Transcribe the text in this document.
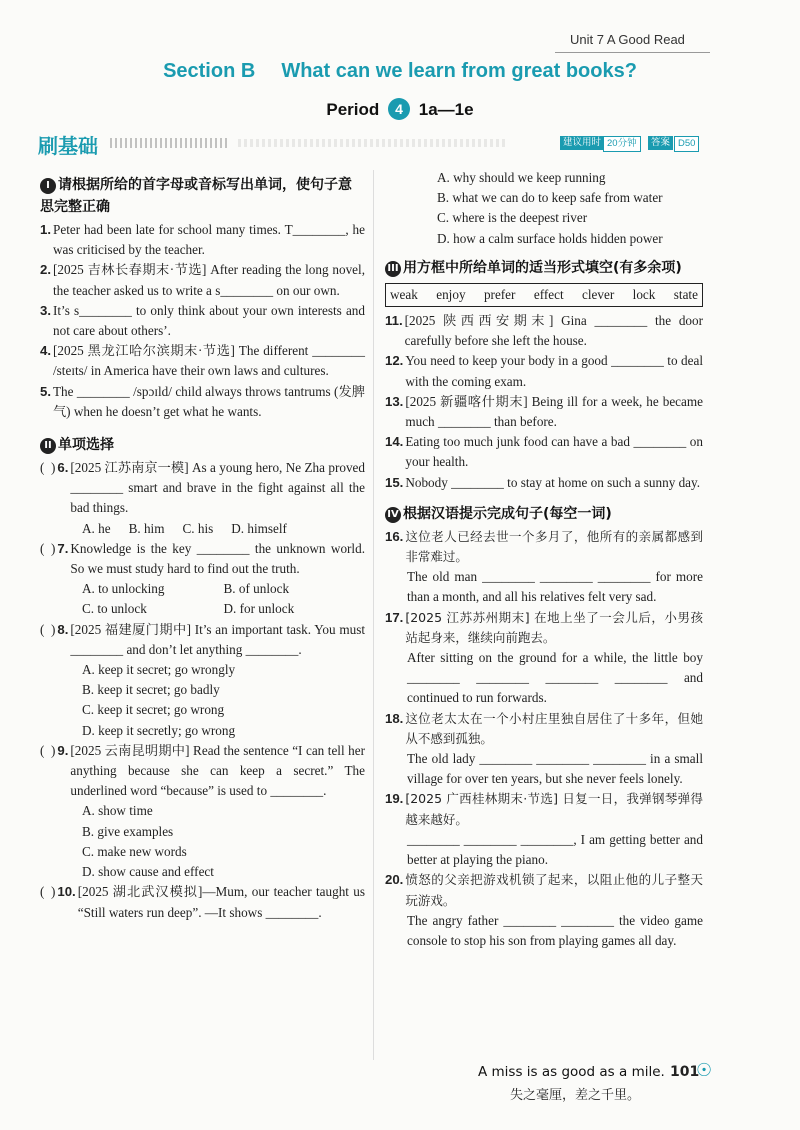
Unit 7 A Good Read
Section B What can we learn from great books?
Period 4 1a—1e
刷基础	建议用时 20分钟	答案 D50
I 请根据所给的首字母或音标写出单词，使句子意思完整正确
1. Peter had been late for school many times. T________, he was criticised by the teacher.
2. [2025 吉林长春期末·节选] After reading the long novel, the teacher asked us to write a s________ on our own.
3. It’s s________ to only think about your own interests and not care about others’.
4. [2025 黑龙江哈尔滨期末·节选] The different ________ /steɪts/ in America have their own laws and cultures.
5. The ________ /spɔɪld/ child always throws tantrums (发脾气) when he doesn’t get what he wants.
II 单项选择
(  ) 6. [2025 江苏南京一模] As a young hero, Ne Zha proved ________ smart and brave in the fight against all the bad things.
A. he B. him C. his D. himself
(  ) 7. Knowledge is the key ________ the unknown world. So we must study hard to find out the truth.
A. to unlocking	B. of unlock
C. to unlock	D. for unlock
(  ) 8. [2025 福建厦门期中] It’s an important task. You must ________ and don’t let anything ________.
A. keep it secret; go wrongly
B. keep it secret; go badly
C. keep it secret; go wrong
D. keep it secretly; go wrong
(  ) 9. [2025 云南昆明期中] Read the sentence “I can tell her anything because she can keep a secret.” The underlined word “because” is used to ________.
A. show time
B. give examples
C. make new words
D. show cause and effect
(  ) 10. [2025 湖北武汉模拟]—Mum, our teacher taught us “Still waters run deep”. —It shows ________.
A. why should we keep running
B. what we can do to keep safe from water
C. where is the deepest river
D. how a calm surface holds hidden power
III 用方框中所给单词的适当形式填空(有多余项)
weak enjoy prefer effect clever lock state
11. [2025 陕西西安期末] Gina ________ the door carefully before she left the house.
12. You need to keep your body in a good ________ to deal with the coming exam.
13. [2025 新疆喀什期末] Being ill for a week, he became much ________ than before.
14. Eating too much junk food can have a bad ________ on your health.
15. Nobody ________ to stay at home on such a sunny day.
IV 根据汉语提示完成句子(每空一词)
16. 这位老人已经去世一个多月了，他所有的亲属都感到非常难过。
The old man ________ ________ ________ for more than a month, and all his relatives felt very sad.
17. [2025 江苏苏州期末] 在地上坐了一会儿后，小男孩站起身来，继续向前跑去。
After sitting on the ground for a while, the little boy ________ ________ ________ ________ and continued to run forwards.
18. 这位老太太在一个小村庄里独自居住了十多年，但她从不感到孤独。
The old lady ________ ________ ________ in a small village for over ten years, but she never feels lonely.
19. [2025 广西桂林期末·节选] 日复一日，我弹钢琴弹得越来越好。
________ ________ ________, I am getting better and better at playing the piano.
20. 愤怒的父亲把游戏机锁了起来，以阻止他的儿子整天玩游戏。
The angry father ________ ________ the video game console to stop his son from playing games all day.
A miss is as good as a mile.
失之毫厘，差之千里。
101
☉
